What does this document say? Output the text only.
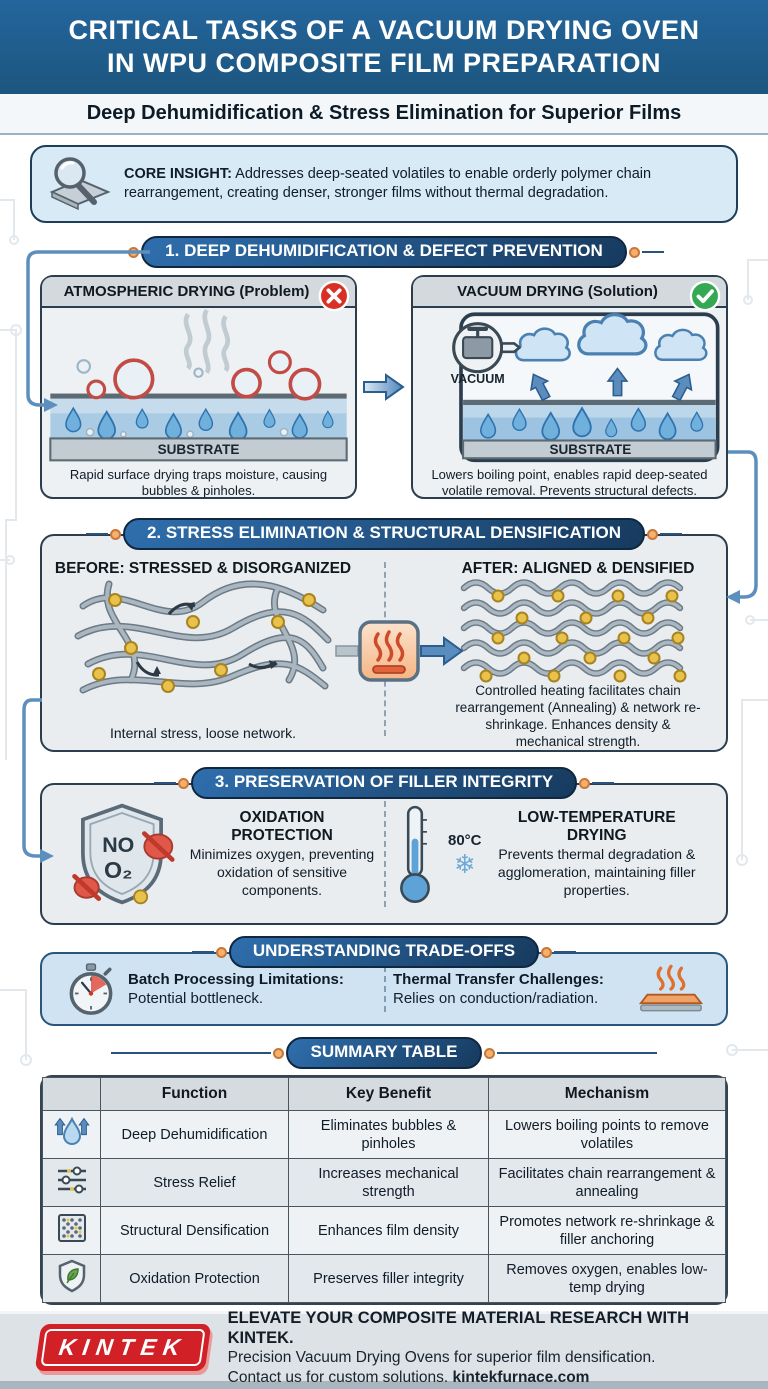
CRITICAL TASKS OF A VACUUM DRYING OVEN
IN WPU COMPOSITE FILM PREPARATION
Deep Dehumidification & Stress Elimination for Superior Films

CORE INSIGHT: Addresses deep-seated volatiles to enable orderly polymer chain rearrangement, creating denser, stronger films without thermal degradation.

1. DEEP DEHUMIDIFICATION & DEFECT PREVENTION
ATMOSPHERIC DRYING (Problem)
SUBSTRATE
Rapid surface drying traps moisture, causing bubbles & pinholes.
VACUUM DRYING (Solution)
VACUUM
SUBSTRATE
Lowers boiling point, enables rapid deep-seated volatile removal. Prevents structural defects.
2. STRESS ELIMINATION & STRUCTURAL DENSIFICATION
BEFORE: STRESSED & DISORGANIZED
Internal stress, loose network.
AFTER: ALIGNED & DENSIFIED
Controlled heating facilitates chain rearrangement (Annealing) & network re-shrinkage. Enhances density & mechanical strength.
3. PRESERVATION OF FILLER INTEGRITY
NO
O₂
OXIDATION PROTECTION

Minimizes oxygen, preventing oxidation of sensitive components.

80°C
❄
LOW-TEMPERATURE DRYING

Prevents thermal degradation & agglomeration, maintaining filler properties.

UNDERSTANDING TRADE-OFFS
Batch Processing Limitations:
Potential bottleneck.
Thermal Transfer Challenges:
Relies on conduction/radiation.
SUMMARY TABLE
	Function	Key Benefit	Mechanism
	Deep Dehumidification	Eliminates bubbles & pinholes	Lowers boiling points to remove volatiles
	Stress Relief	Increases mechanical strength	Facilitates chain rearrangement & annealing
	Structural Densification	Enhances film density	Promotes network re-shrinkage & filler anchoring
	Oxidation Protection	Preserves filler integrity	Removes oxygen, enables low-temp drying
KINTEK
ELEVATE YOUR COMPOSITE MATERIAL RESEARCH WITH KINTEK.
Precision Vacuum Drying Ovens for superior film densification.
Contact us for custom solutions. kintekfurnace.com
